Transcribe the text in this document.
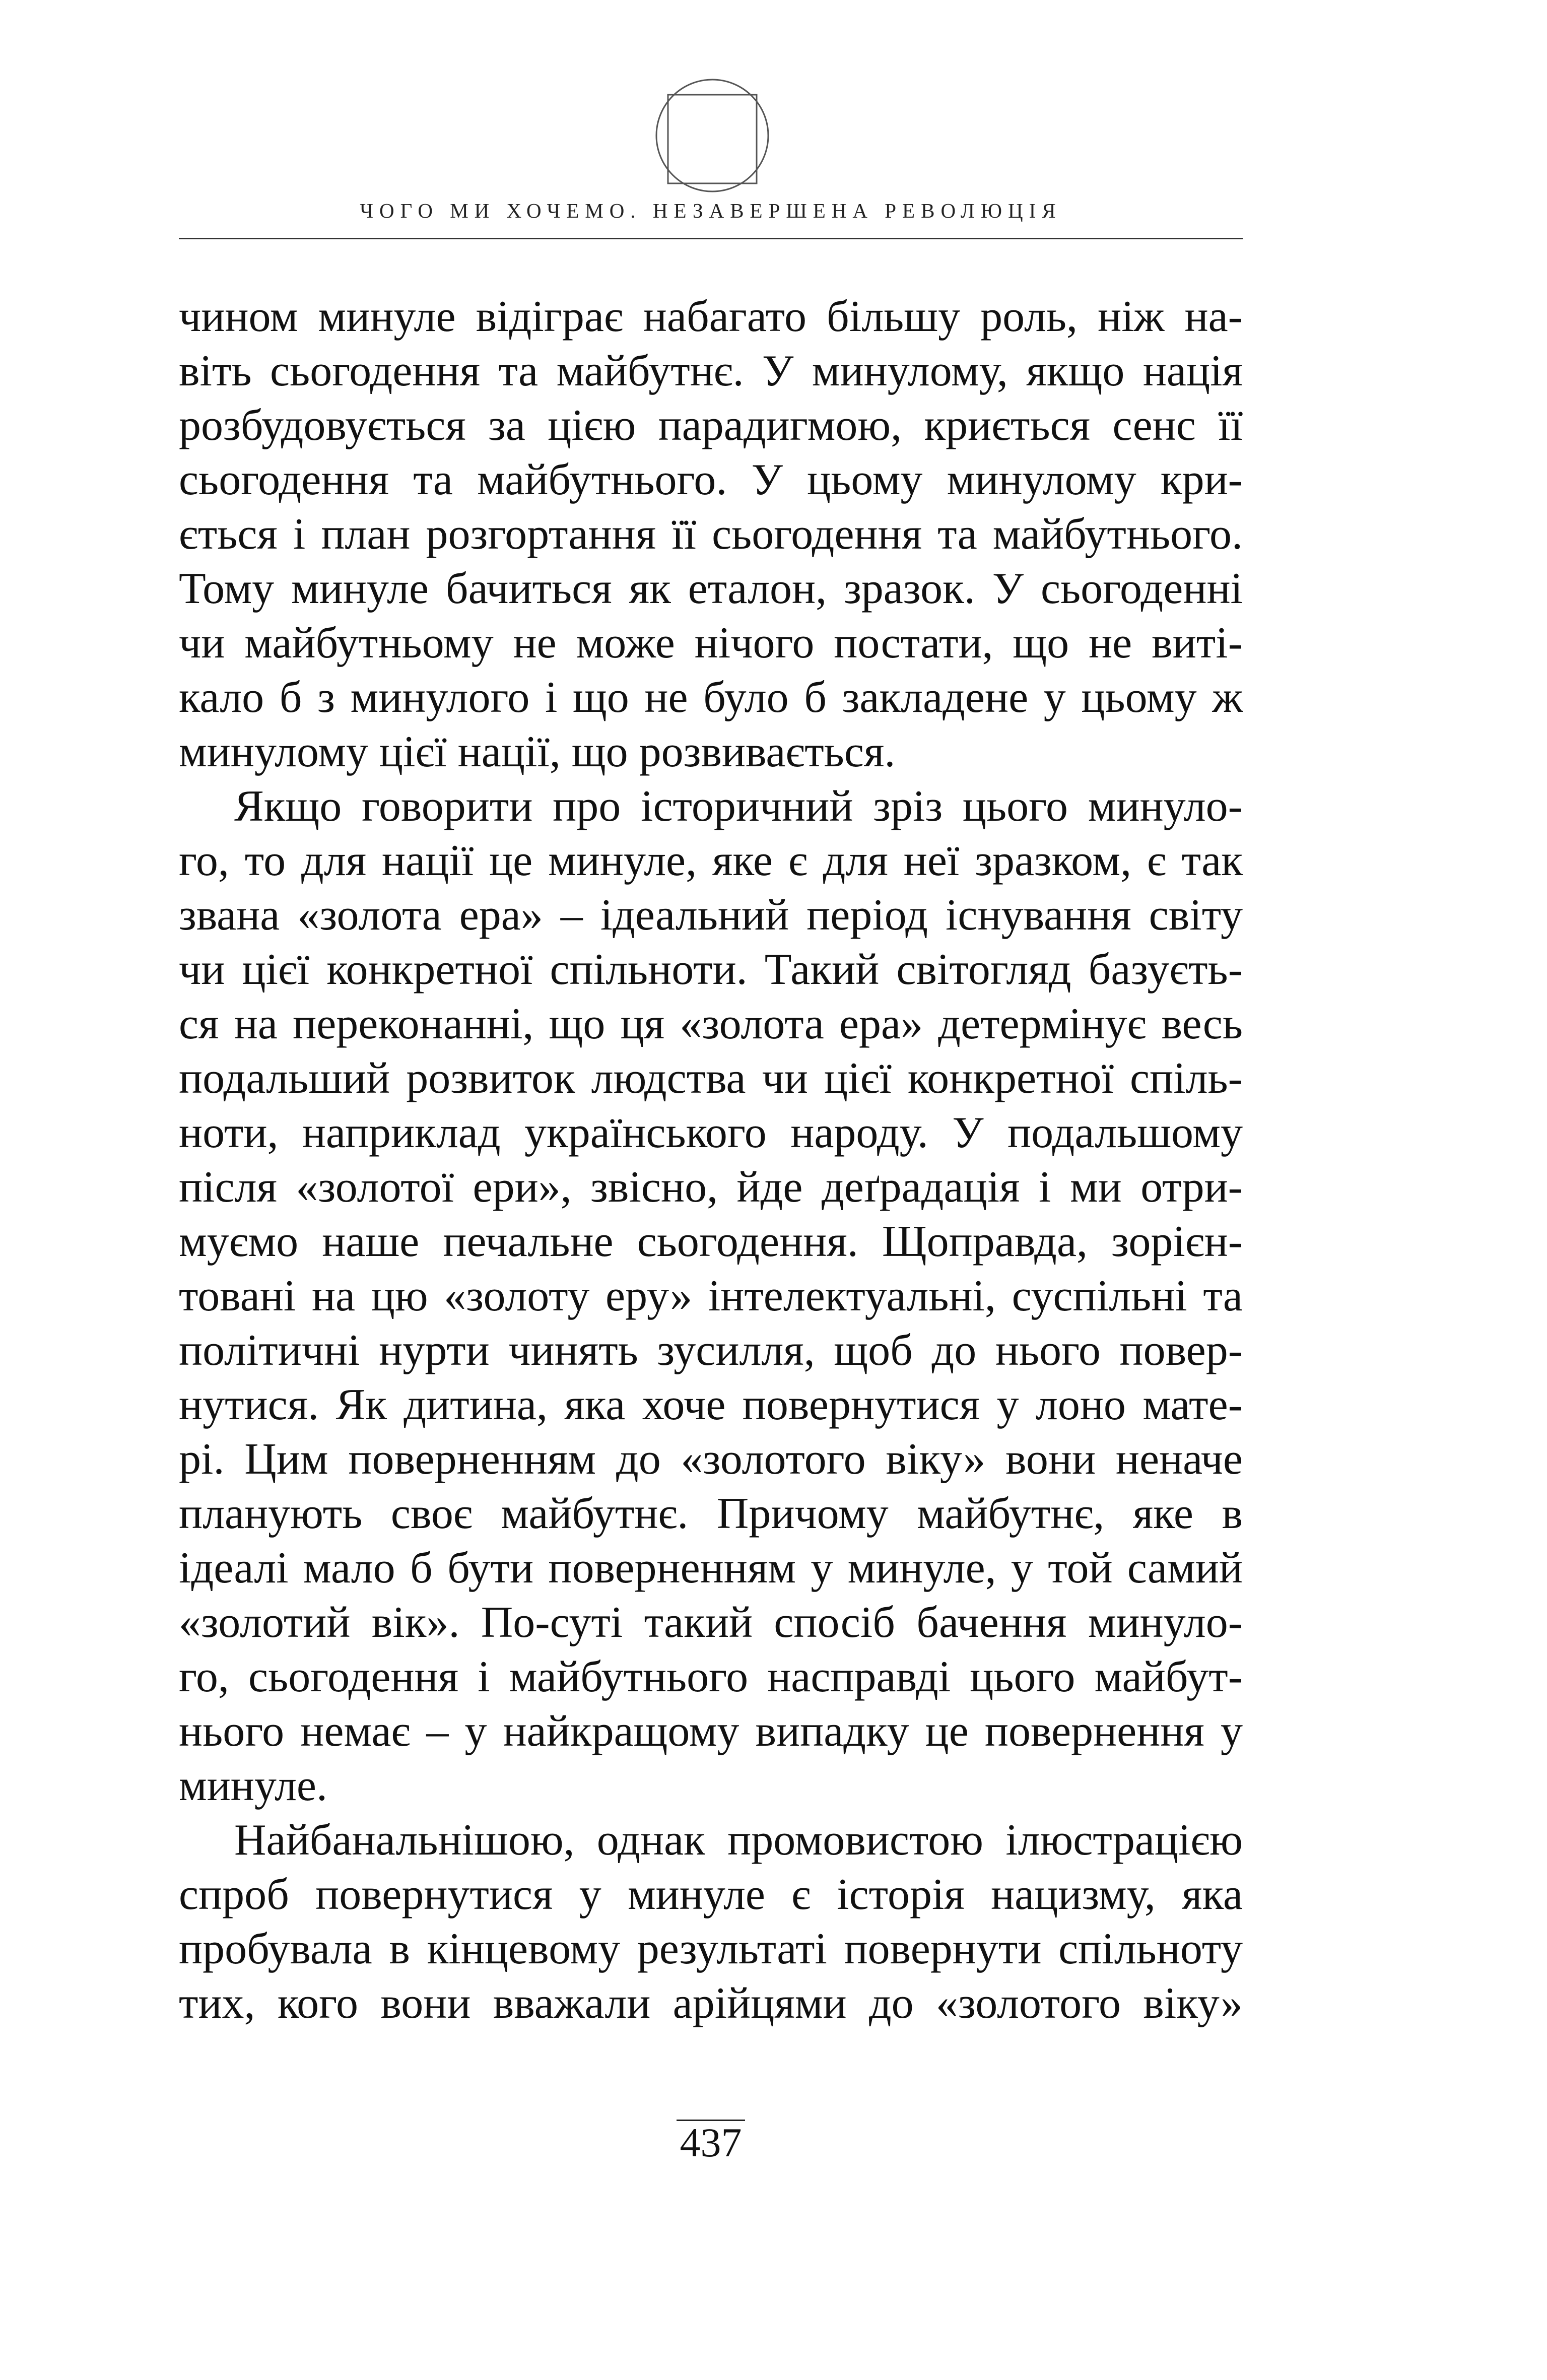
ЧОГО МИ ХОЧЕМО. НЕЗАВЕРШЕНА РЕВОЛЮЦІЯ
чином минуле відіграє набагато більшу роль, ніж на-
віть сьогодення та майбутнє. У минулому, якщо нація
розбудовується за цією парадигмою, криється сенс її
сьогодення та майбутнього. У цьому минулому кри-
ється і план розгортання її сьогодення та майбутнього.
Тому минуле бачиться як еталон, зразок. У сьогоденні
чи майбутньому не може нічого постати, що не виті-
кало б з минулого і що не було б закладене у цьому ж
минулому цієї нації, що розвивається.
Якщо говорити про історичний зріз цього минуло-
го, то для нації це минуле, яке є для неї зразком, є так
звана «золота ера» – ідеальний період існування світу
чи цієї конкретної спільноти. Такий світогляд базуєть-
ся на переконанні, що ця «золота ера» детермінує весь
подальший розвиток людства чи цієї конкретної спіль-
ноти, наприклад українського народу. У подальшому
після «золотої ери», звісно, йде деґрадація і ми отри-
муємо наше печальне сьогодення. Щоправда, зорієн-
товані на цю «золоту еру» інтелектуальні, суспільні та
політичні нурти чинять зусилля, щоб до нього повер-
нутися. Як дитина, яка хоче повернутися у лоно мате-
рі. Цим поверненням до «золотого віку» вони неначе
планують своє майбутнє. Причому майбутнє, яке в
ідеалі мало б бути поверненням у минуле, у той самий
«золотий вік». По-суті такий спосіб бачення минуло-
го, сьогодення і майбутнього насправді цього майбут-
нього немає – у найкращому випадку це повернення у
минуле.
Найбанальнішою, однак промовистою ілюстрацією
спроб повернутися у минуле є історія нацизму, яка
пробувала в кінцевому результаті повернути спільноту
тих, кого вони вважали арійцями до «золотого віку»
437
